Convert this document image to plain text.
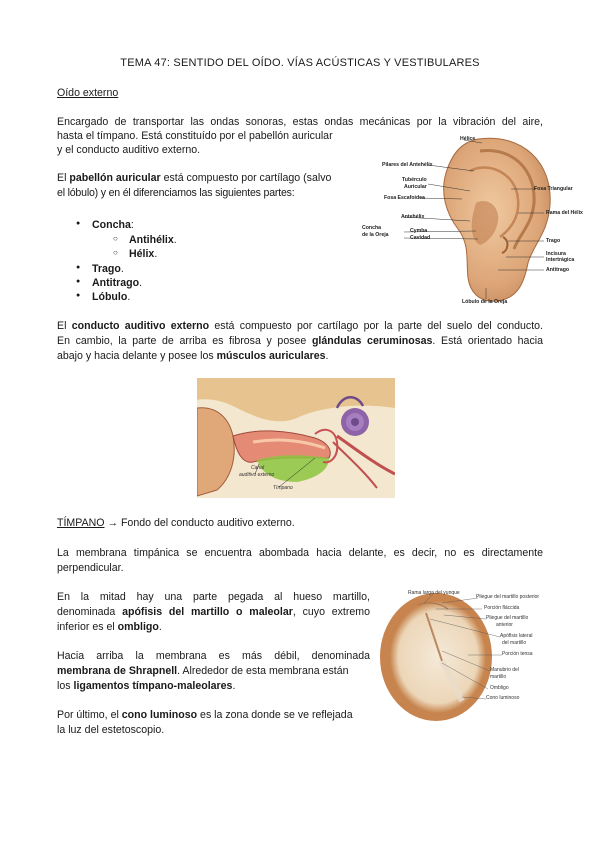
TEMA 47: SENTIDO DEL OÍDO. VÍAS ACÚSTICAS Y VESTIBULARES
Oído externo
Encargado de transportar las ondas sonoras, estas ondas mecánicas por la vibración del aire,
hasta el tímpano. Está constituído por el pabellón auricular
y el conducto auditivo externo.
El pabellón auricular está compuesto por cartílago (salvo
el lóbulo) y en él diferenciamos las siguientes partes:
Concha:
Antihélix.
Hélix.
Trago.
Antitrago.
Lóbulo.
Hélice
Pilares del Antehélix
Tubérculo
Auricular
Fosa Escafoidea
Antehélix
Concha
de la Oreja
Cymba
Cavidad
Fosa Triangular
Rama del Hélix
Trago
Incisura
Intertrágica
Antitrago
Lóbulo de la Oreja
El conducto auditivo externo está compuesto por cartílago por la parte del suelo del conducto.
En cambio, la parte de arriba es fibrosa y posee glándulas ceruminosas. Está orientado hacia
abajo y hacia delante y posee los músculos auriculares.
Canal
auditivo externo
Tímpano
TÍMPANO → Fondo del conducto auditivo externo.
La membrana timpánica se encuentra abombada hacia delante, es decir, no es directamente
perpendicular.
En la mitad hay una parte pegada al hueso martillo,
denominada apófisis del martillo o maleolar, cuyo extremo
inferior es el ombligo.
Hacia arriba la membrana es más débil, denominada
membrana de Shrapnell. Alrededor de esta membrana están
los ligamentos tímpano-maleolares.
Por último, el cono luminoso es la zona donde se ve reflejada
la luz del estetoscopio.
Rama larga del yunque
Pliegue del martillo posterior
Porción fláccida
Pliegue del martillo
anterior
Apófisis lateral
del martillo
Porción tensa
Manubrio del
martillo
Ombligo
Cono luminoso
